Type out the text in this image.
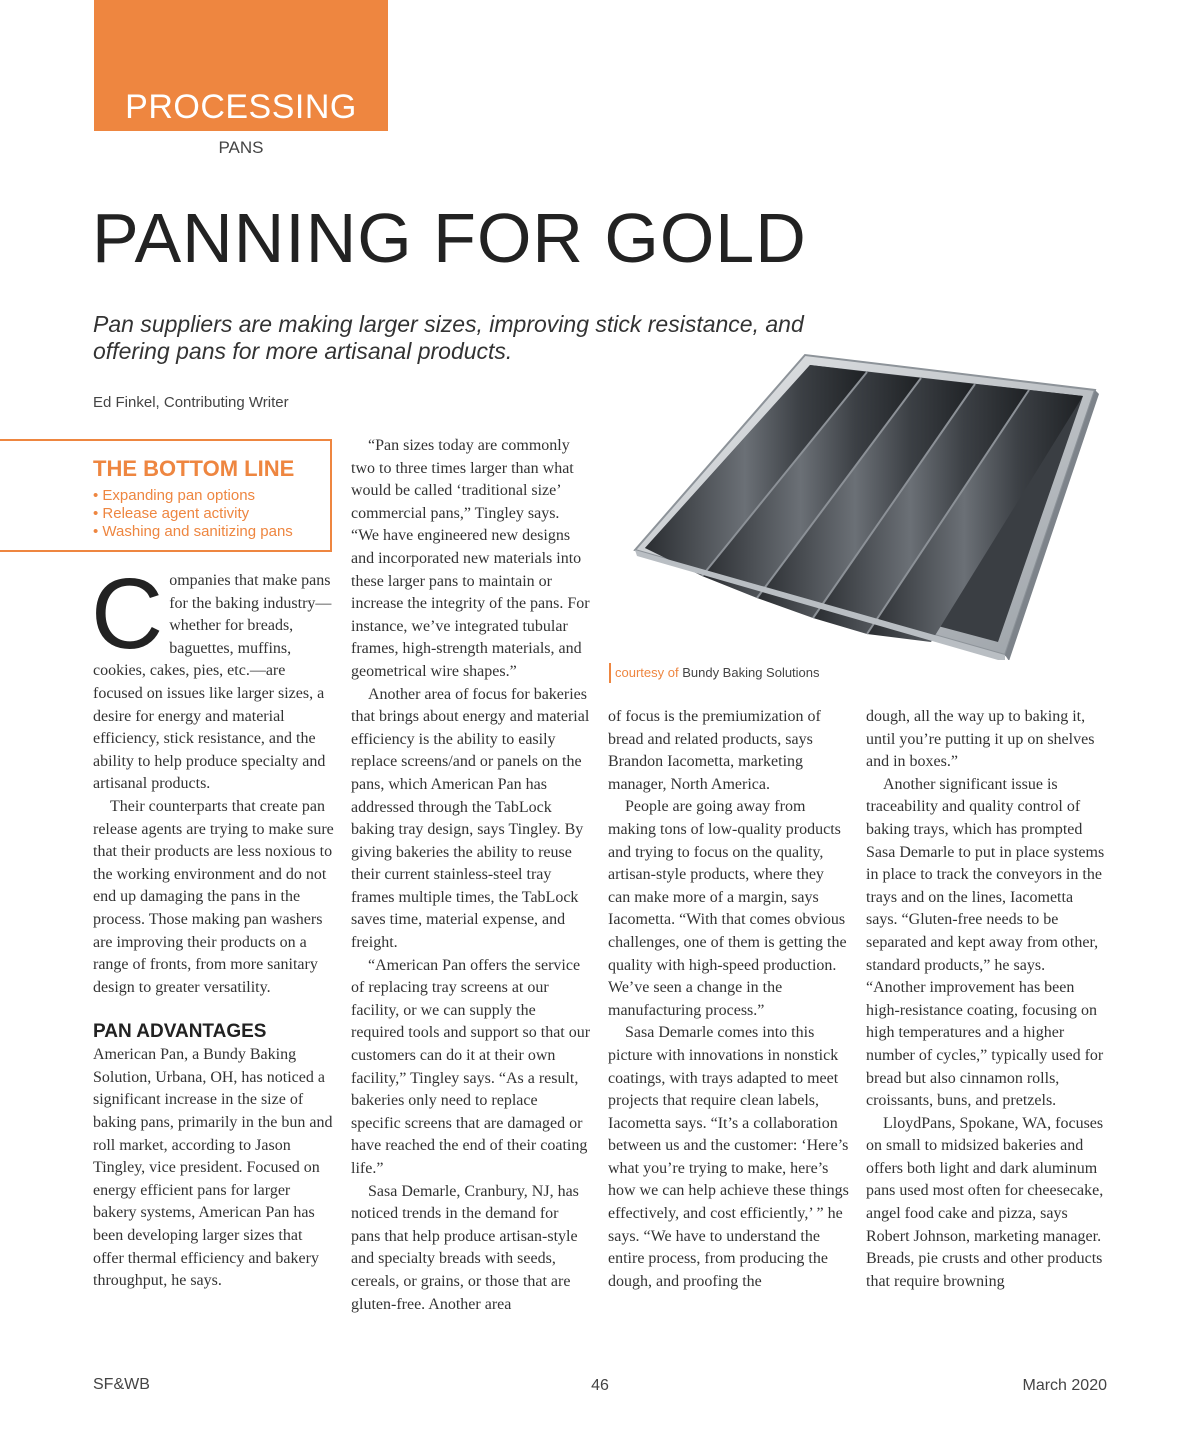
PROCESSING
PANS
PANNING FOR GOLD
Pan suppliers are making larger sizes, improving stick resistance, and offering pans for more artisanal products.
Ed Finkel, Contributing Writer
THE BOTTOM LINE
• Expanding pan options
• Release agent activity
• Washing and sanitizing pans

Companies that make pans for the baking industry—whether for breads, baguettes, muffins, cookies, cakes, pies, etc.—are focused on issues like larger sizes, a desire for energy and material efficiency, stick resistance, and the ability to help produce specialty and artisanal products.

Their counterparts that create pan release agents are trying to make sure that their products are less noxious to the working environment and do not end up damaging the pans in the process. Those making pan washers are improving their products on a range of fronts, from more sanitary design to greater versatility.

PAN ADVANTAGES

American Pan, a Bundy Baking Solution, Urbana, OH, has noticed a significant increase in the size of baking pans, primarily in the bun and roll market, according to Jason Tingley, vice president. Focused on energy efficient pans for larger bakery systems, American Pan has been developing larger sizes that offer thermal efficiency and bakery throughput, he says.

“Pan sizes today are commonly two to three times larger than what would be called ‘traditional size’ commercial pans,” Tingley says. “We have engineered new designs and incorporated new materials into these larger pans to maintain or increase the integrity of the pans. For instance, we’ve integrated tubular frames, high-strength materials, and geometrical wire shapes.”

Another area of focus for bakeries that brings about energy and material efficiency is the ability to easily replace screens/and or panels on the pans, which American Pan has addressed through the TabLock baking tray design, says Tingley. By giving bakeries the ability to reuse their current stainless-steel tray frames multiple times, the TabLock saves time, material expense, and freight.

“American Pan offers the service of replacing tray screens at our facility, or we can supply the required tools and support so that our customers can do it at their own facility,” Tingley says. “As a result, bakeries only need to replace specific screens that are damaged or have reached the end of their coating life.”

Sasa Demarle, Cranbury, NJ, has noticed trends in the demand for pans that help produce artisan-style and specialty breads with seeds, cereals, or grains, or those that are gluten-free. Another area

courtesy of Bundy Baking Solutions

of focus is the premiumization of bread and related products, says Brandon Iacometta, marketing manager, North America.

People are going away from making tons of low-quality products and trying to focus on the quality, artisan-style products, where they can make more of a margin, says Iacometta. “With that comes obvious challenges, one of them is getting the quality with high-speed production. We’ve seen a change in the manufacturing process.”

Sasa Demarle comes into this picture with innovations in nonstick coatings, with trays adapted to meet projects that require clean labels, Iacometta says. “It’s a collaboration between us and the customer: ‘Here’s what you’re trying to make, here’s how we can help achieve these things effectively, and cost efficiently,’ ” he says. “We have to understand the entire process, from producing the dough, and proofing the

dough, all the way up to baking it, until you’re putting it up on shelves and in boxes.”

Another significant issue is traceability and quality control of baking trays, which has prompted Sasa Demarle to put in place systems in place to track the conveyors in the trays and on the lines, Iacometta says. “Gluten-free needs to be separated and kept away from other, standard products,” he says. “Another improvement has been high-resistance coating, focusing on high temperatures and a higher number of cycles,” typically used for bread but also cinnamon rolls, croissants, buns, and pretzels.

LloydPans, Spokane, WA, focuses on small to midsized bakeries and offers both light and dark aluminum pans used most often for cheesecake, angel food cake and pizza, says Robert Johnson, marketing manager. Breads, pie crusts and other products that require browning

SF&WB	46	March 2020
